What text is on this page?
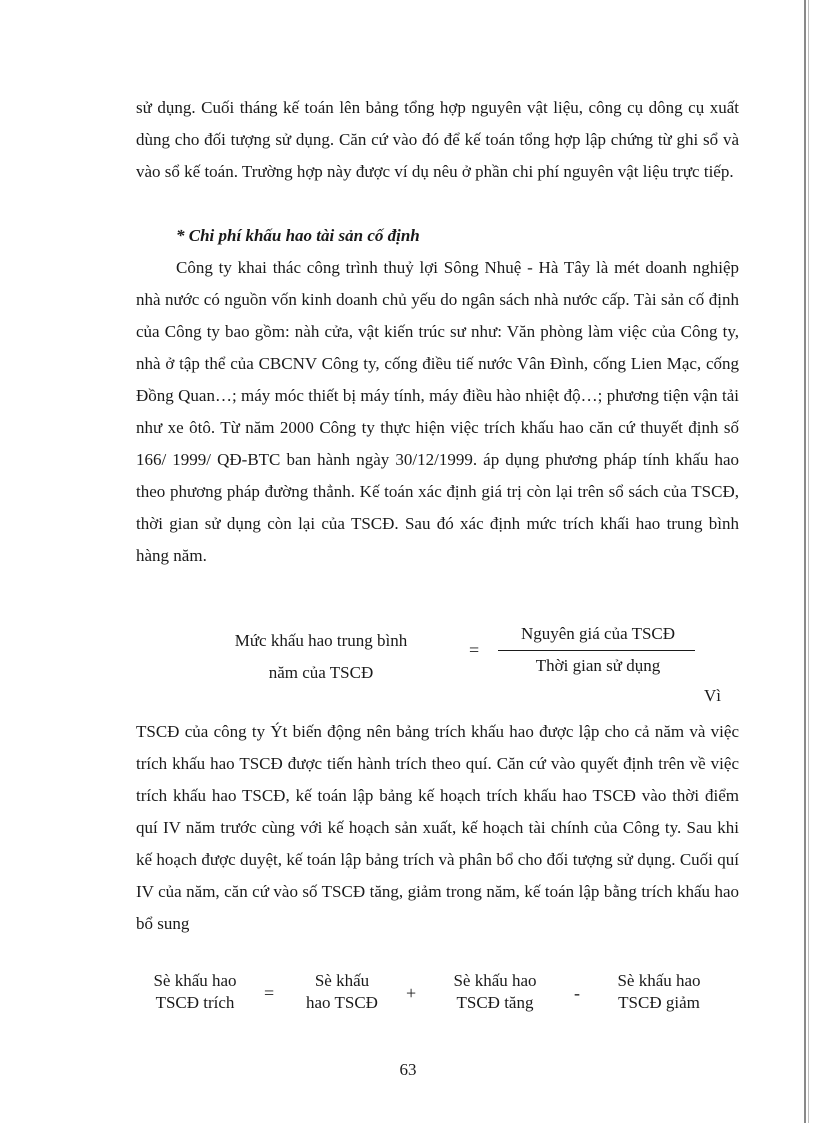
sử dụng. Cuối tháng kế toán lên bảng tổng hợp nguyên vật liệu, công cụ dông cụ xuất dùng cho đối tượng sử dụng. Căn cứ vào đó để kế toán tổng hợp lập chứng từ ghi sổ và vào sổ kế toán. Trường hợp này được ví dụ nêu ở phần chi phí nguyên vật liệu trực tiếp.
* Chi phí khấu hao tài sản cố định
Công ty khai thác công trình thuỷ lợi Sông Nhuệ - Hà Tây là mét doanh nghiệp nhà nước có nguồn vốn kinh doanh chủ yếu do ngân sách nhà nước cấp. Tài sản cố định của Công ty bao gồm: nàh cửa, vật kiến trúc sư như: Văn phòng làm việc của Công ty, nhà ở tập thể của CBCNV Công ty, cống điều tiế nước Vân Đình, cống Lien Mạc, cống Đồng Quan…; máy móc thiết bị máy tính, máy điều hào nhiệt độ…; phương tiện vận tải như xe ôtô. Từ năm 2000 Công ty thực hiện việc trích khấu hao căn cứ thuyết định số 166/ 1999/ QĐ-BTC ban hành ngày 30/12/1999. áp dụng phương pháp tính khấu hao theo phương pháp đường thẳnh. Kế toán xác định giá trị còn lại trên sổ sách của TSCĐ, thời gian sử dụng còn lại của TSCĐ. Sau đó xác định mức trích khấi hao trung bình hàng năm.
Mức khấu hao trung bình
năm của TSCĐ
=
Nguyên giá của TSCĐ
Thời gian sử dụng
Vì
TSCĐ của công ty Ýt biến động nên bảng trích khấu hao được lập cho cả năm và việc trích khấu hao TSCĐ được tiến hành trích theo quí. Căn cứ vào quyết định trên về việc trích khấu hao TSCĐ, kế toán lập bảng kế hoạch trích khấu hao TSCĐ vào thời điểm quí IV năm trước cùng với kế hoạch sản xuất, kế hoạch tài chính của Công ty. Sau khi kế hoạch được duyệt, kế toán lập bảng trích và phân bổ cho đối tượng sử dụng. Cuối quí IV của năm, căn cứ vào số TSCĐ tăng, giảm trong năm, kế toán lập bằng trích khấu hao bổ sung
Sè khấu hao
TSCĐ trích	=
Sè khấu
hao TSCĐ	+
Sè khấu hao
TSCĐ tăng	-
Sè khấu hao
TSCĐ giảm
63
